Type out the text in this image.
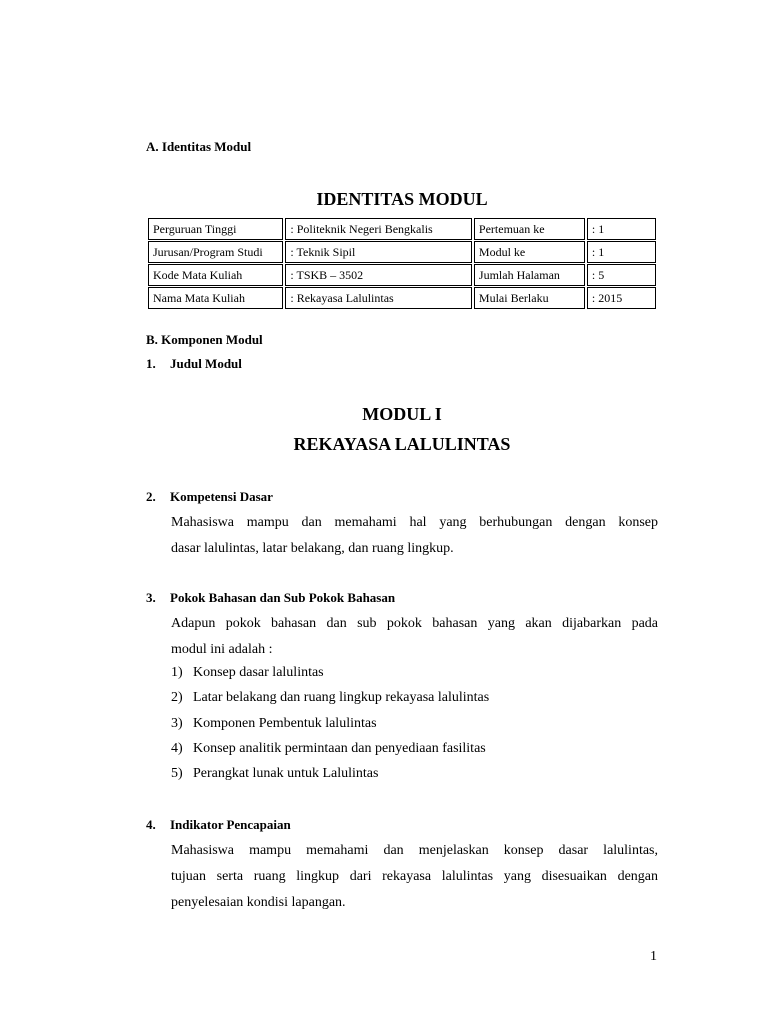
A. Identitas Modul
IDENTITAS MODUL
Perguruan Tinggi	: Politeknik Negeri Bengkalis	Pertemuan ke	: 1
Jurusan/Program Studi	: Teknik Sipil	Modul ke	: 1
Kode Mata Kuliah	: TSKB – 3502	Jumlah Halaman	: 5
Nama Mata Kuliah	: Rekayasa Lalulintas	Mulai Berlaku	: 2015
B. Komponen Modul
1. Judul Modul
MODUL I
REKAYASA LALULINTAS
2. Kompetensi Dasar
Mahasiswa mampu dan memahami hal yang berhubungan dengan konsep
dasar lalulintas, latar belakang, dan ruang lingkup.
3. Pokok Bahasan dan Sub Pokok Bahasan
Adapun pokok bahasan dan sub pokok bahasan yang akan dijabarkan pada
modul ini adalah :
1) Konsep dasar lalulintas
2) Latar belakang dan ruang lingkup rekayasa lalulintas
3) Komponen Pembentuk lalulintas
4) Konsep analitik permintaan dan penyediaan fasilitas
5) Perangkat lunak untuk Lalulintas
4. Indikator Pencapaian
Mahasiswa mampu memahami dan menjelaskan konsep dasar lalulintas,
tujuan serta ruang lingkup dari rekayasa lalulintas yang disesuaikan dengan
penyelesaian kondisi lapangan.
1
